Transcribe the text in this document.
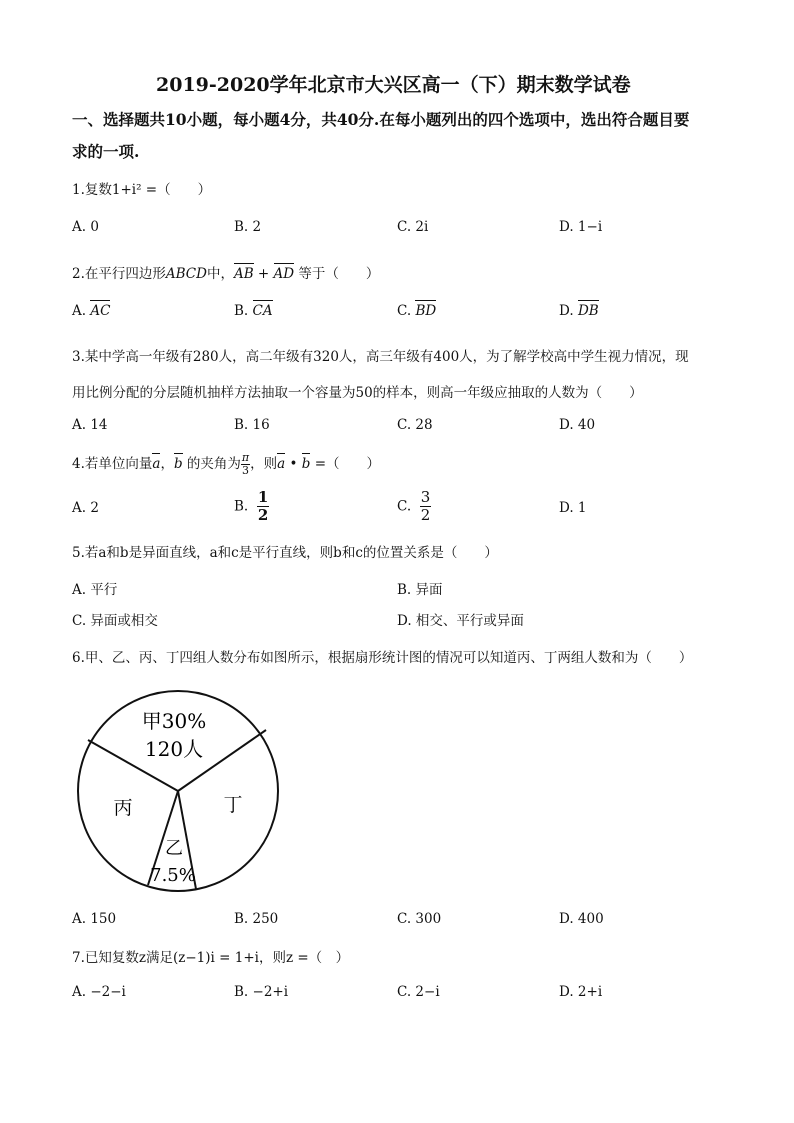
2019-2020学年北京市大兴区高一（下）期末数学试卷
一、选择题共10小题，每小题4分，共40分.在每小题列出的四个选项中，选出符合题目要
求的一项.
1.复数1+i² =（　　）
A. 0	B. 2	C. 2i	D. 1−i
2.在平行四边形ABCD中，AB + AD 等于（　　）
A. AC	B. CA	C. BD	D. DB
3.某中学高一年级有280人，高二年级有320人，高三年级有400人，为了解学校高中学生视力情况，现
用比例分配的分层随机抽样方法抽取一个容量为50的样本，则高一年级应抽取的人数为（　　）
A. 14	B. 16	C. 28	D. 40
4.若单位向量a，b 的夹角为 $\frac{\pi}{3}$ ，则a • b =（　　）
A. 2	B. $\frac{1}{2}$	C. $\frac{3}{2}$	D. 1
5.若a和b是异面直线，a和c是平行直线，则b和c的位置关系是（　　）
A. 平行	B. 异面
C. 异面或相交	D. 相交、平行或异面
6.甲、乙、丙、丁四组人数分布如图所示，根据扇形统计图的情况可以知道丙、丁两组人数和为（　　）
甲30%
120人
丙	丁
乙
7.5%
A. 150	B. 250	C. 300	D. 400
7.已知复数z满足(z−1)i = 1+i，则z =（　）
A. −2−i	B. −2+i	C. 2−i	D. 2+i
